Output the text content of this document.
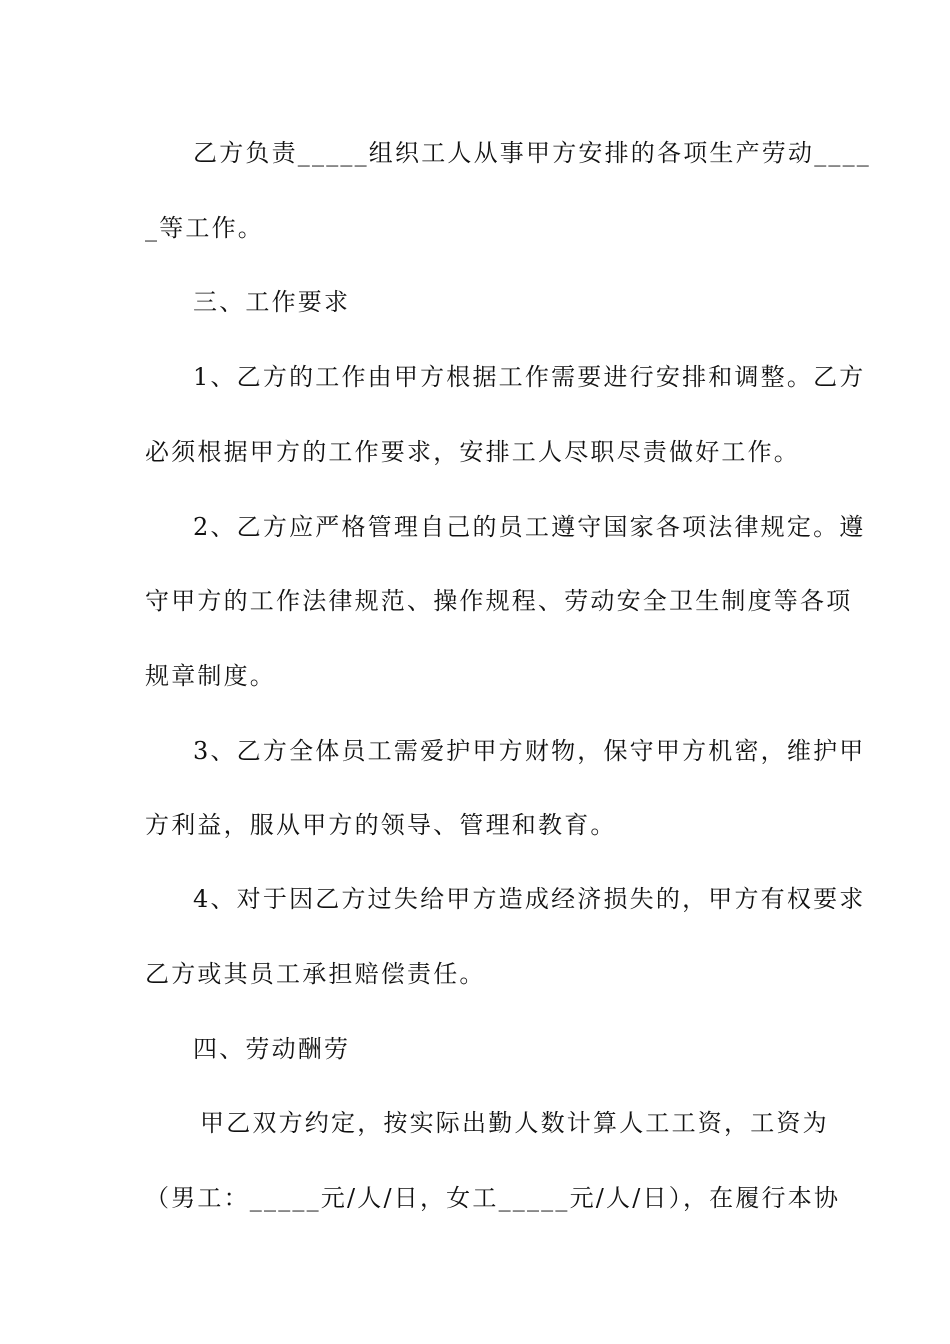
乙方负责_____组织工人从事甲方安排的各项生产劳动____
_等工作。
三、工作要求
1、乙方的工作由甲方根据工作需要进行安排和调整。乙方
必须根据甲方的工作要求，安排工人尽职尽责做好工作。
2、乙方应严格管理自己的员工遵守国家各项法律规定。遵
守甲方的工作法律规范、操作规程、劳动安全卫生制度等各项
规章制度。
3、乙方全体员工需爱护甲方财物，保守甲方机密，维护甲
方利益，服从甲方的领导、管理和教育。
4、对于因乙方过失给甲方造成经济损失的，甲方有权要求
乙方或其员工承担赔偿责任。
四、劳动酬劳
甲乙双方约定，按实际出勤人数计算人工工资，工资为
（男工：_____元/人/日，女工_____元/人/日），在履行本协
